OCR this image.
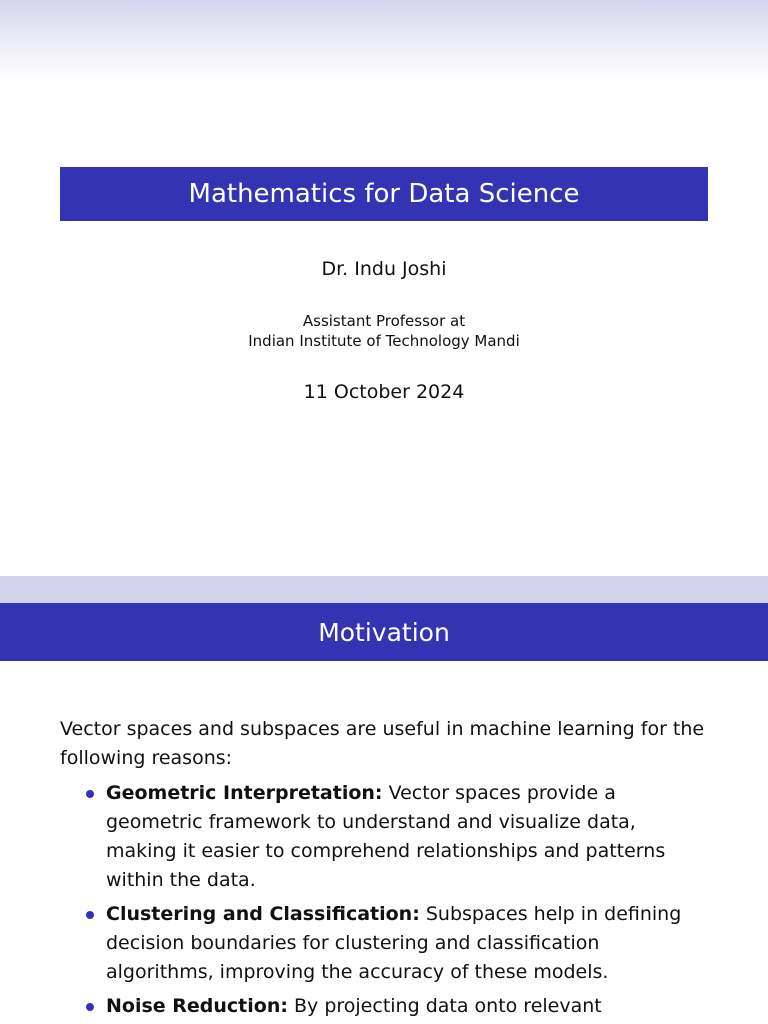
Mathematics for Data Science
Dr. Indu Joshi
Assistant Professor at
Indian Institute of Technology Mandi
11 October 2024
Motivation
Vector spaces and subspaces are useful in machine learning for the following reasons:
Geometric Interpretation: Vector spaces provide a geometric framework to understand and visualize data, making it easier to comprehend relationships and patterns within the data.
Clustering and Classification: Subspaces help in defining decision boundaries for clustering and classification algorithms, improving the accuracy of these models.
Noise Reduction: By projecting data onto relevant
